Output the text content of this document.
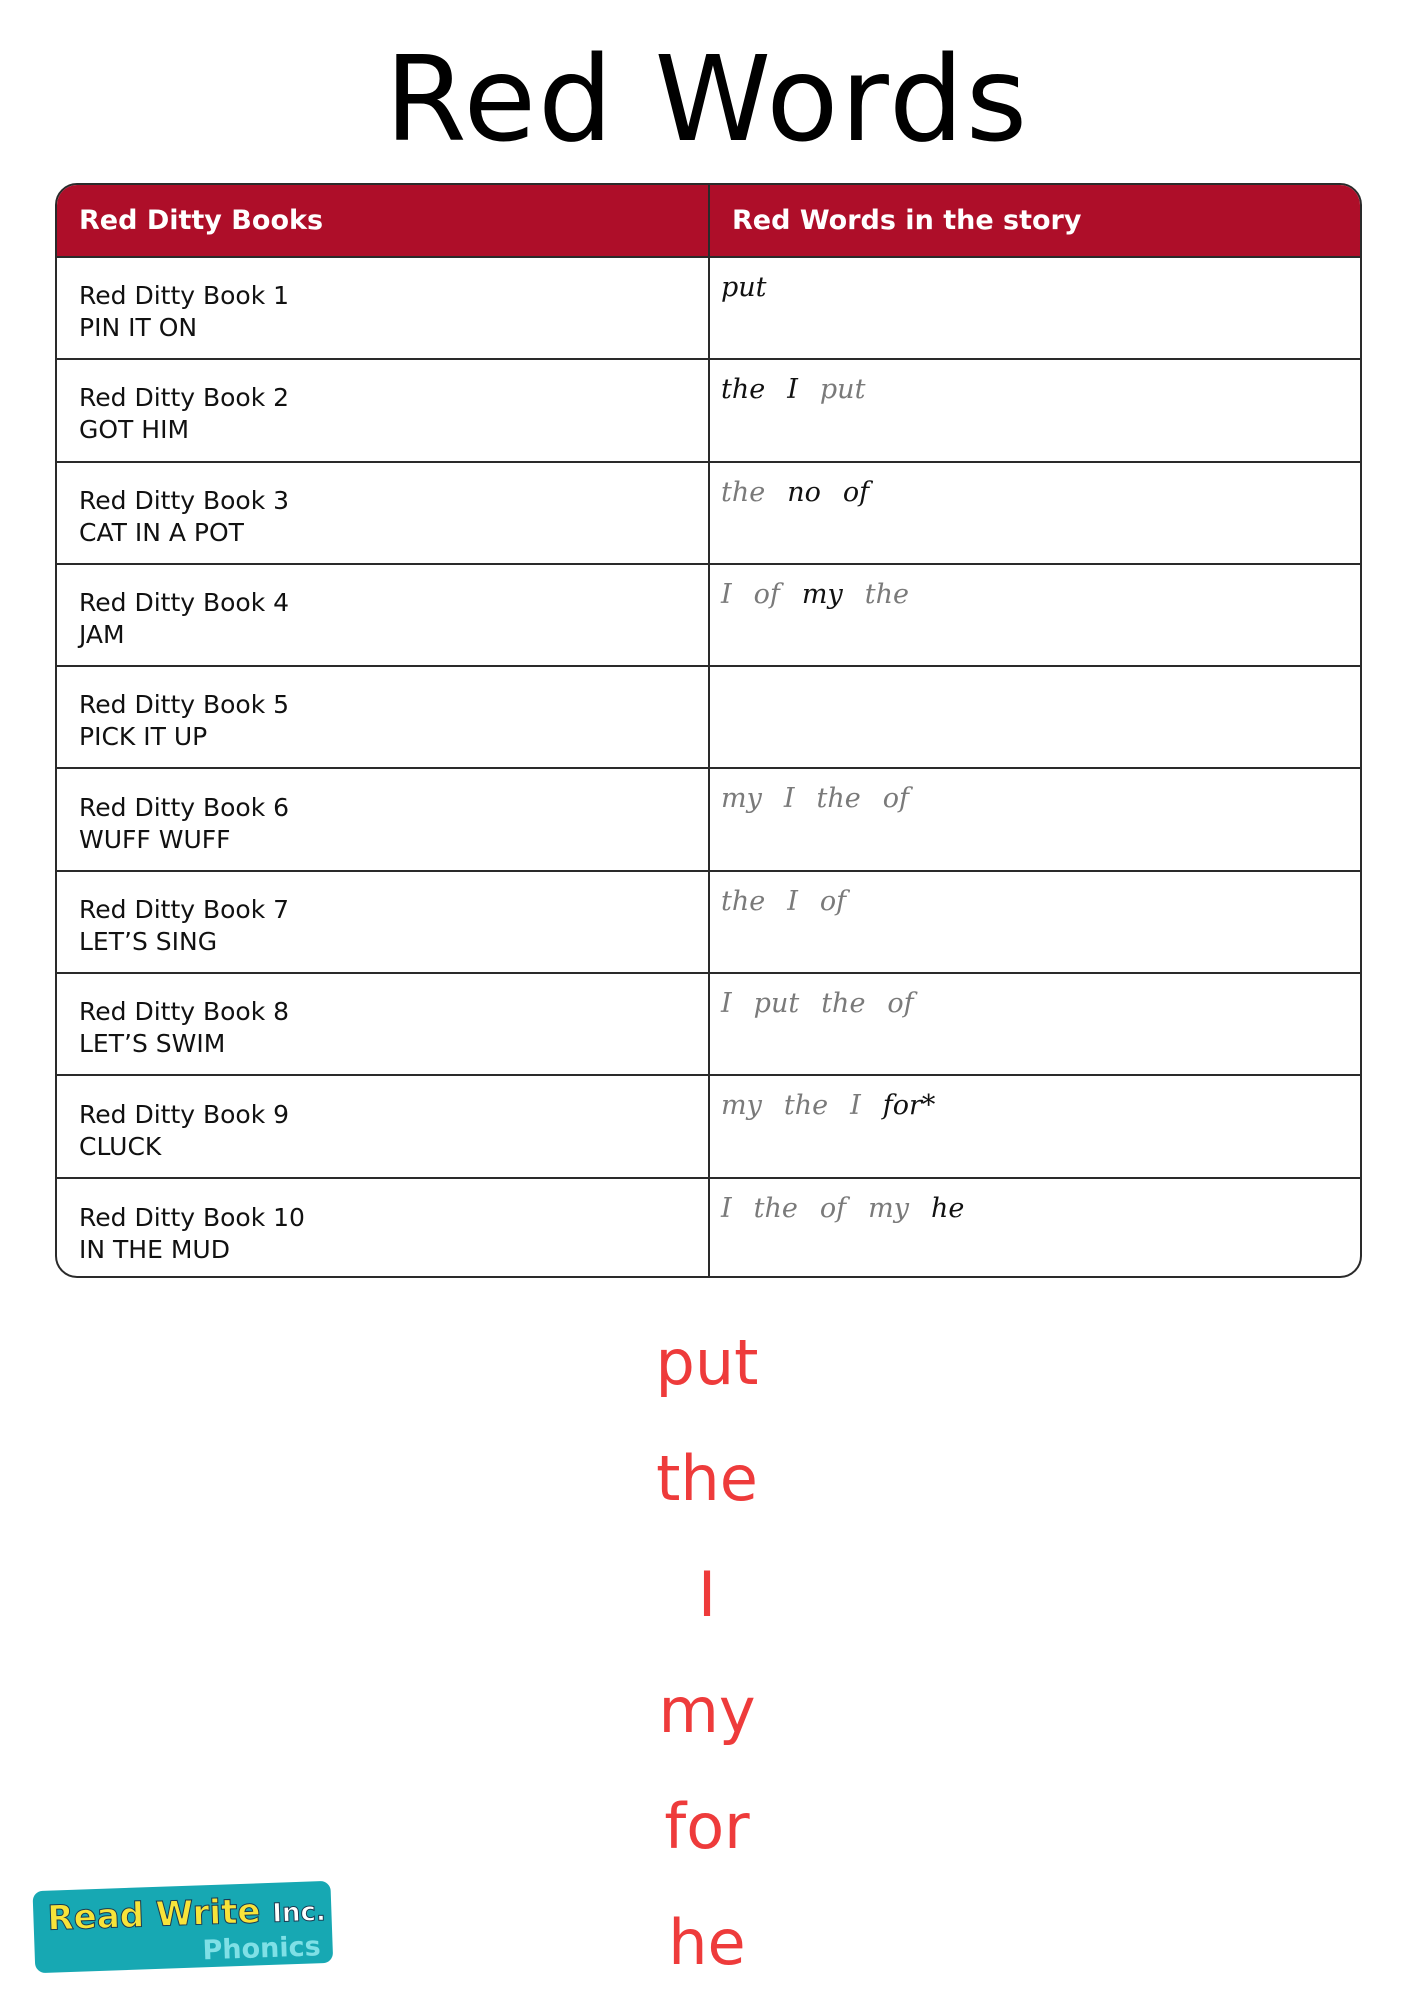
Red Words
Red Ditty Books	Red Words in the story
Red Ditty Book 1
PIN IT ON
put
Red Ditty Book 2
GOT HIM
the I put
Red Ditty Book 3
CAT IN A POT
the no of
Red Ditty Book 4
JAM
I of my the
Red Ditty Book 5
PICK IT UP
Red Ditty Book 6
WUFF WUFF
my I the of
Red Ditty Book 7
LET’S SING
the I of
Red Ditty Book 8
LET’S SWIM
I put the of
Red Ditty Book 9
CLUCK
my the I for*
Red Ditty Book 10
IN THE MUD
I the of my he
put
the
I
my
for
he
Read Write Inc.
Phonics
